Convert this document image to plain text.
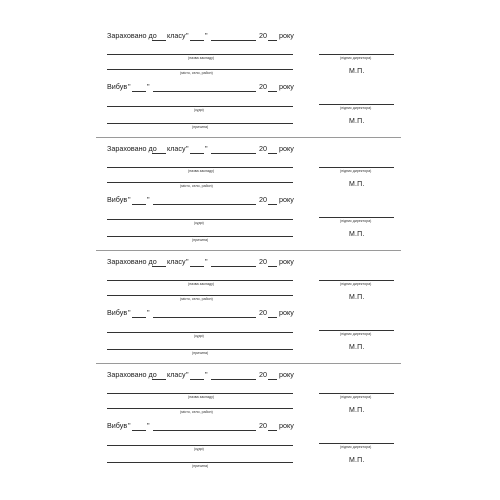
Зараховано до класу " "	20 року
(назва закладу)
(місто, село, район)
Вибув " "	20 року
(куди)
(причина)
(підпис директора)
М.П.
(підпис директора)
М.П.
Зараховано до класу " "	20 року
(назва закладу)
(місто, село, район)
Вибув " "	20 року
(куди)
(причина)
(підпис директора)
М.П.
(підпис директора)
М.П.
Зараховано до класу " "	20 року
(назва закладу)
(місто, село, район)
Вибув " "	20 року
(куди)
(причина)
(підпис директора)
М.П.
(підпис директора)
М.П.
Зараховано до класу " "	20 року
(назва закладу)
(місто, село, район)
Вибув " "	20 року
(куди)
(причина)
(підпис директора)
М.П.
(підпис директора)
М.П.
